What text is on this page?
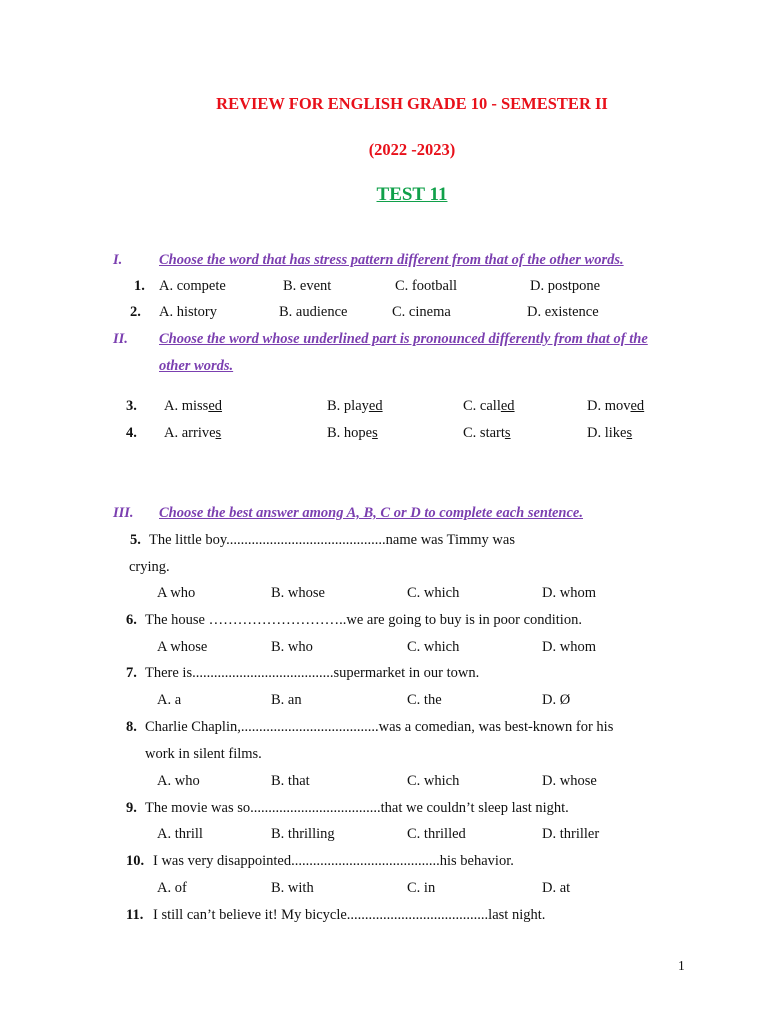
REVIEW FOR ENGLISH GRADE 10 - SEMESTER II
(2022 -2023)
TEST 11
I.	Choose the word that has stress pattern different from that of the other words.
1. A. compete	B. event	C. football	D. postpone
2. A. history	B. audience	C. cinema	D. existence
II. Choose the word whose underlined part is pronounced differently from that of the
other words.
3. A. missed	B. played	C. called	D. moved
4. A. arrives	B. hopes	C. starts	D. likes
III. Choose the best answer among A, B, C or D to complete each sentence.
5. The little boy............................................name was Timmy was
crying.
A who	B. whose	C. which	D. whom
6. The house ………………………..we are going to buy is in poor condition.
A whose	B. who	C. which	D. whom
7. There is.......................................supermarket in our town.
A. a	B. an	C. the	D. Ø
8. Charlie Chaplin,......................................was a comedian, was best-known for his
work in silent films.
A. who	B. that	C. which	D. whose
9. The movie was so....................................that we couldn’t sleep last night.
A. thrill	B. thrilling	C. thrilled	D. thriller
10. I was very disappointed.........................................his behavior.
A. of	B. with	C. in	D. at
11. I still can’t believe it! My bicycle.......................................last night.
1
